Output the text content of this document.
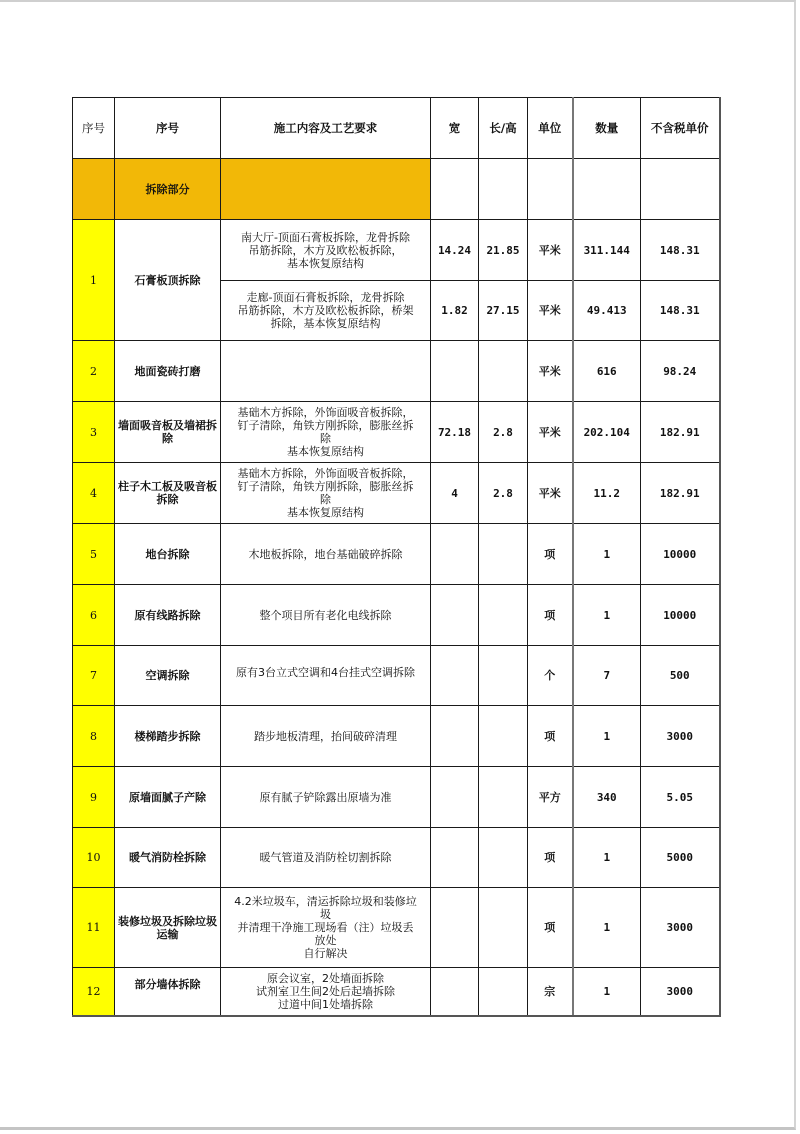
序号	序号	施工内容及工艺要求	宽	长/高	单位	数量	不含税单价
	拆除部分						
1	石膏板顶拆除	南大厅-顶面石膏板拆除，龙骨拆除
吊筋拆除，木方及欧松板拆除，
基本恢复原结构	14.24	21.85	平米	311.144	148.31

		走廊-顶面石膏板拆除，龙骨拆除
吊筋拆除，木方及欧松板拆除，桥架
拆除，基本恢复原结构	1.82	27.15	平米	49.413	148.31
2	地面瓷砖打磨				平米	616	98.24
3	墙面吸音板及墙裙拆除	基础木方拆除，外饰面吸音板拆除，
钉子清除，角铁方刚拆除，膨胀丝拆
除
基本恢复原结构	72.18	2.8	平米	202.104	182.91
4	柱子木工板及吸音板拆除	基础木方拆除，外饰面吸音板拆除，
钉子清除，角铁方刚拆除，膨胀丝拆
除
基本恢复原结构	4	2.8	平米	11.2	182.91
5	地台拆除	木地板拆除，地台基础破碎拆除			项	1	10000
6	原有线路拆除	整个项目所有老化电线拆除			项	1	10000
7	空调拆除	原有3台立式空调和4台挂式空调拆除			个	7	500
8	楼梯踏步拆除	踏步地板清理，抬间破碎清理			项	1	3000
9	原墙面腻子产除	原有腻子铲除露出原墙为准			平方	340	5.05
10	暖气消防栓拆除	暖气管道及消防栓切割拆除			项	1	5000
11	装修垃圾及拆除垃圾运输	4.2米垃圾车，清运拆除垃圾和装修垃
圾
并清理干净施工现场看（注）垃圾丢
放处
自行解决			项	1	3000
12	部分墙体拆除	原会议室，2处墙面拆除
试剂室卫生间2处后起墙拆除
过道中间1处墙拆除			宗	1	3000
